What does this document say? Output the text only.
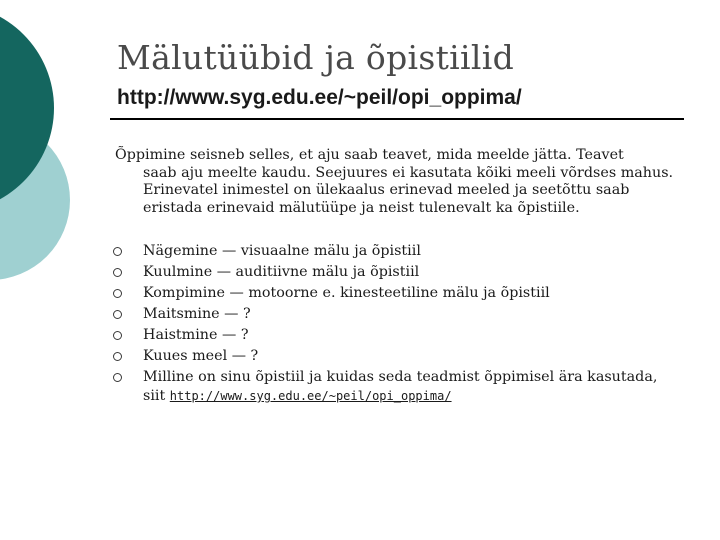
Mälutüübid ja õpistiilid
http://www.syg.edu.ee/~peil/opi_oppima/
Õppimine seisneb selles, et aju saab teavet, mida meelde jätta. Teavet
saab aju meelte kaudu. Seejuures ei kasutata kõiki meeli võrdses mahus. Erinevatel inimestel on ülekaalus erinevad meeled ja seetõttu saab eristada erinevaid mälutüüpe ja neist tulenevalt ka õpistiile.
Nägemine — visuaalne mälu ja õpistiil
Kuulmine — auditiivne mälu ja õpistiil
Kompimine — motoorne e. kinesteetiline mälu ja õpistiil
Maitsmine — ?
Haistmine — ?
Kuues meel — ?
Milline on sinu õpistiil ja kuidas seda teadmist õppimisel ära kasutada, siit http://www.syg.edu.ee/~peil/opi_oppima/
